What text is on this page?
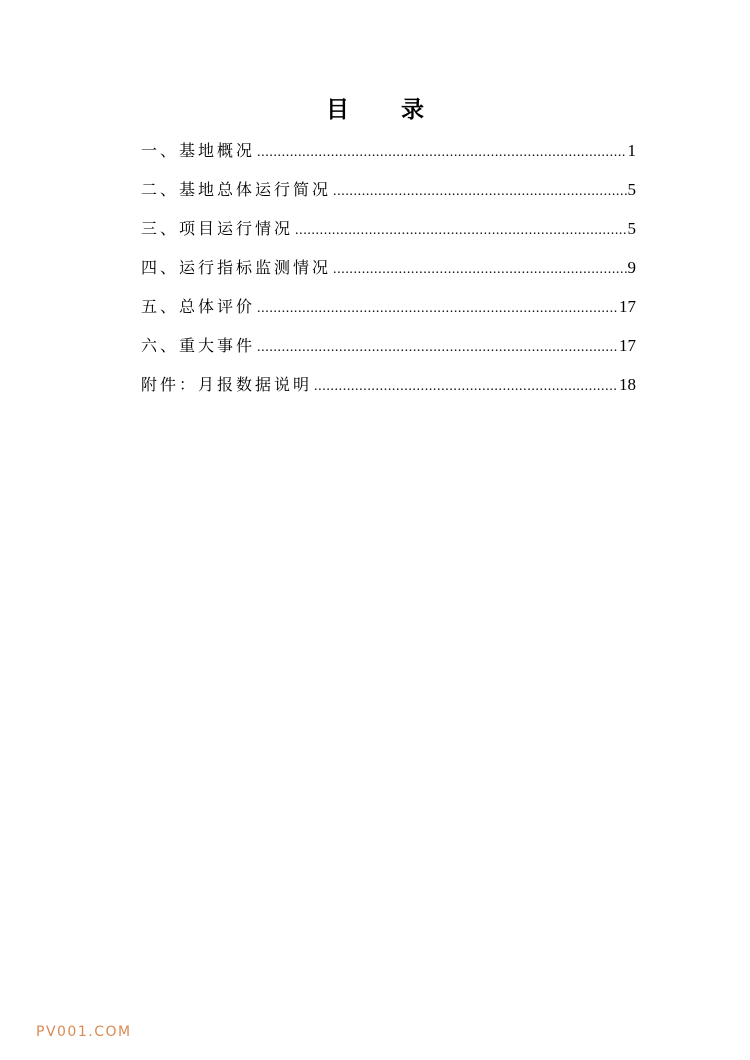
目 录
一、基地概况 .....	1
二、基地总体运行简况 .....	5
三、项目运行情况 .....	5
四、运行指标监测情况 .....	9
五、总体评价 .....	17
六、重大事件 .....	17
附件：月报数据说明 .....	18
PV001.COM
